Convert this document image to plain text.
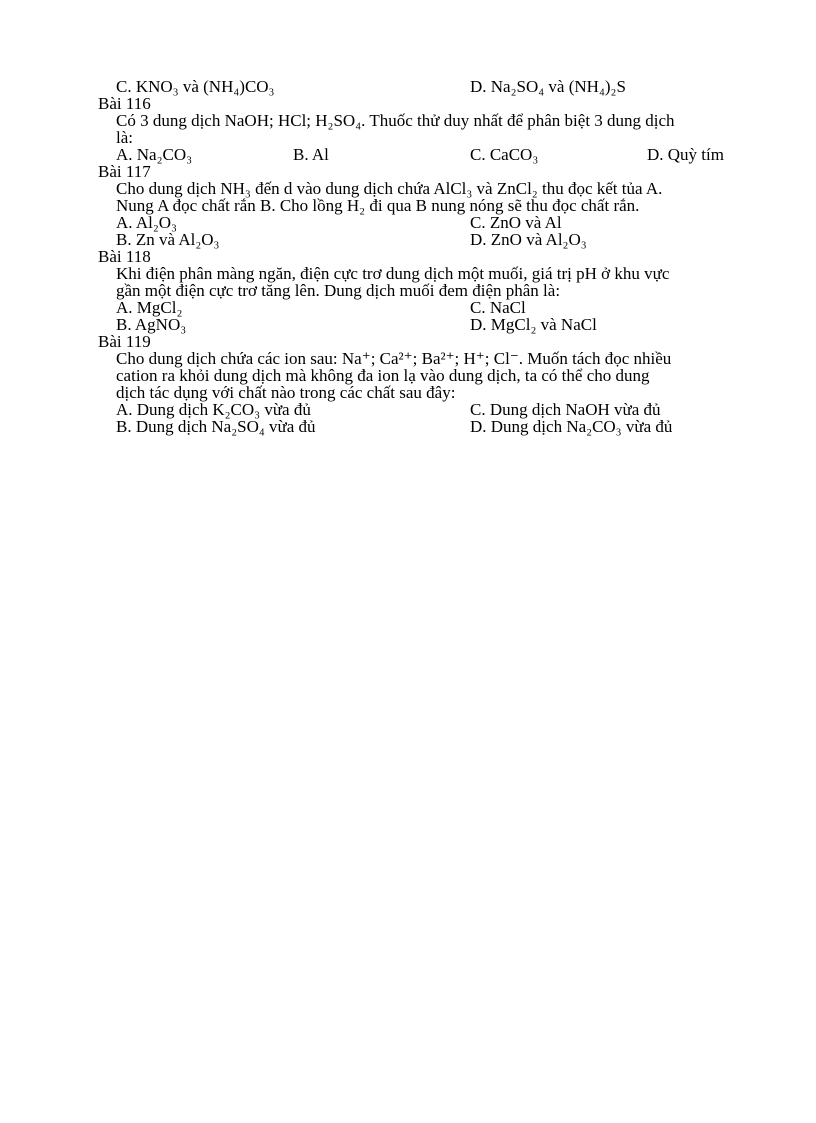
C. KNO₃ và (NH₄)CO₃	D. Na₂SO₄ và (NH₄)₂S
Bài 116
Có 3 dung dịch NaOH; HCl; H₂SO₄. Thuốc thử duy nhất để phân biệt 3 dung dịch
là:
A. Na₂CO₃	B. Al	C. CaCO₃	D. Quỳ tím
Bài 117
Cho dung dịch NH₃ đến d vào dung dịch chứa AlCl₃ và ZnCl₂ thu đọc kết tủa A.
Nung A đọc chất rắn B. Cho lồng H₂ đi qua B nung nóng sẽ thu đọc chất rắn.
A. Al₂O₃	C. ZnO và Al
B. Zn và Al₂O₃	D. ZnO và Al₂O₃
Bài 118
Khi điện phân màng ngăn, điện cực trơ dung dịch một muối, giá trị pH ở khu vực
gần một điện cực trơ tăng lên. Dung dịch muối đem điện phân là:
A. MgCl₂	C. NaCl
B. AgNO₃	D. MgCl₂ và NaCl
Bài 119
Cho dung dịch chứa các ion sau: Na⁺; Ca²⁺; Ba²⁺; H⁺; Cl⁻. Muốn tách đọc nhiều
cation ra khỏi dung dịch mà không đa ion lạ vào dung dịch, ta có thể cho dung
dịch tác dụng với chất nào trong các chất sau đây:
A. Dung dịch K₂CO₃ vừa đủ	C. Dung dịch NaOH vừa đủ
B. Dung dịch Na₂SO₄ vừa đủ	D. Dung dịch Na₂CO₃ vừa đủ
